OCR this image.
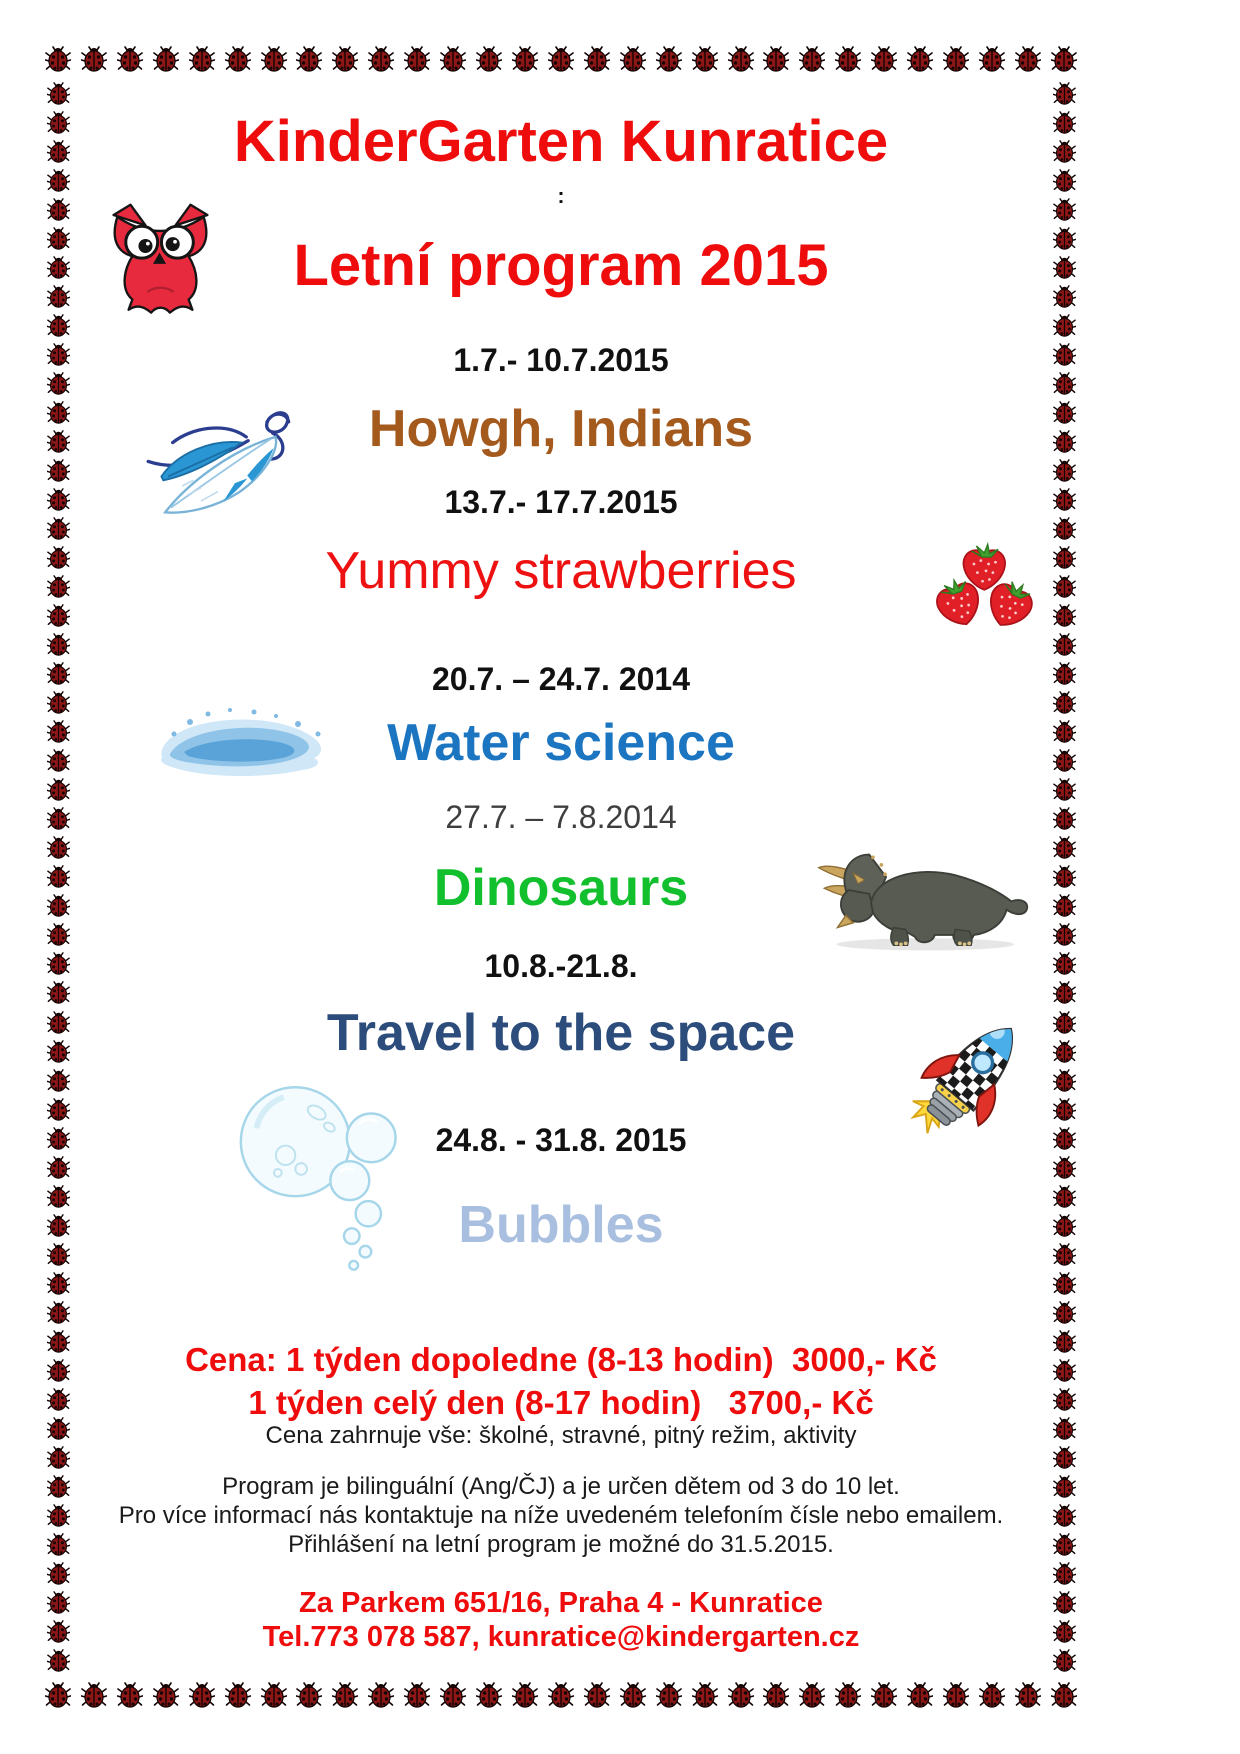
KinderGarten Kunratice
:
Letní program 2015
1.7.- 10.7.2015
Howgh, Indians
13.7.- 17.7.2015
Yummy strawberries
20.7. – 24.7. 2014
Water science
27.7. – 7.8.2014
Dinosaurs
10.8.-21.8.
Travel to the space
24.8. - 31.8. 2015
Bubbles
Cena: 1 týden dopoledne (8-13 hodin)  3000,- Kč
1 týden celý den (8-17 hodin)   3700,- Kč
Cena zahrnuje vše: školné, stravné, pitný režim, aktivity
Program je bilinguální (Ang/ČJ) a je určen dětem od 3 do 10 let.
Pro více informací nás kontaktuje na níže uvedeném telefoním čísle nebo emailem.
Přihlášení na letní program je možné do 31.5.2015.
Za Parkem 651/16, Praha 4 - Kunratice
Tel.773 078 587, kunratice@kindergarten.cz
